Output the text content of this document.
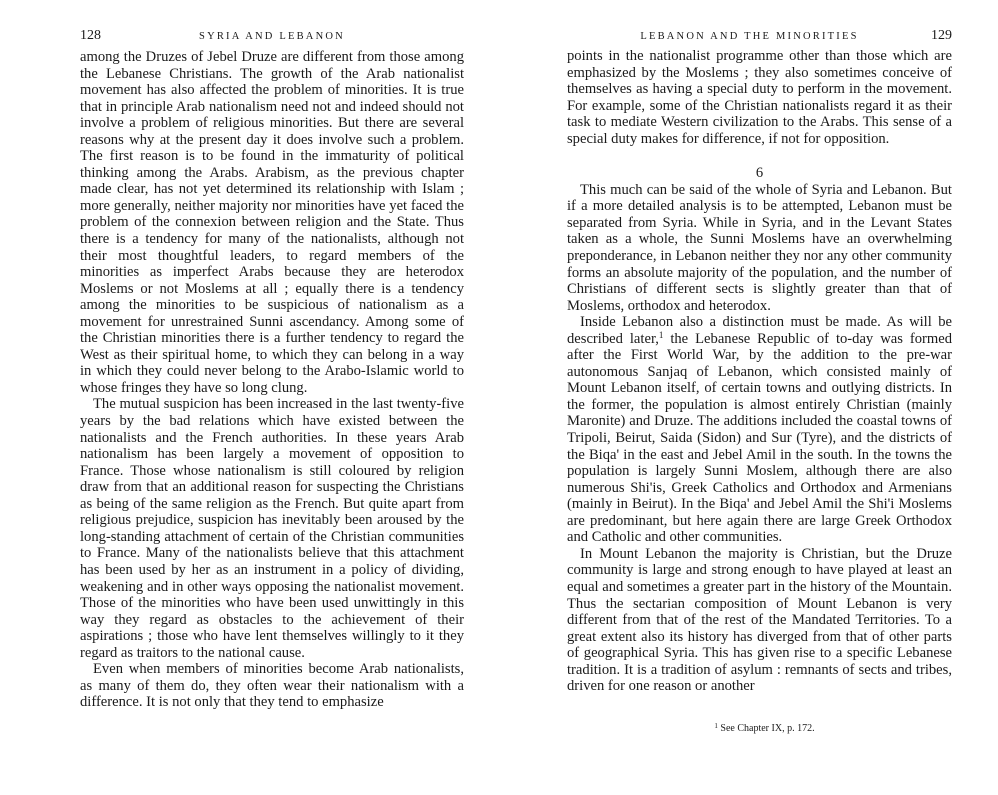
128	SYRIA AND LEBANON

among the Druzes of Jebel Druze are different from those among the Lebanese Christians. The growth of the Arab nationalist movement has also affected the problem of minorities. It is true that in principle Arab nationalism need not and indeed should not involve a problem of religious minorities. But there are several reasons why at the present day it does involve such a problem. The first reason is to be found in the immaturity of political thinking among the Arabs. Arabism, as the previous chapter made clear, has not yet determined its relationship with Islam ; more generally, neither majority nor minorities have yet faced the problem of the connexion between religion and the State. Thus there is a tendency for many of the nationalists, although not their most thoughtful leaders, to regard members of the minorities as imperfect Arabs because they are heterodox Moslems or not Moslems at all ; equally there is a tendency among the minorities to be suspicious of nationalism as a movement for unrestrained Sunni ascendancy. Among some of the Christian minorities there is a further tendency to regard the West as their spiritual home, to which they can belong in a way in which they could never belong to the Arabo-Islamic world to whose fringes they have so long clung.

The mutual suspicion has been increased in the last twenty-five years by the bad relations which have existed between the nationalists and the French authorities. In these years Arab nationalism has been largely a movement of opposition to France. Those whose nationalism is still coloured by religion draw from that an additional reason for suspecting the Christians as being of the same religion as the French. But quite apart from religious prejudice, suspicion has inevitably been aroused by the long-standing attachment of certain of the Christian communities to France. Many of the nationalists believe that this attachment has been used by her as an instrument in a policy of dividing, weakening and in other ways opposing the nationalist movement. Those of the minorities who have been used unwittingly in this way they regard as obstacles to the achievement of their aspirations ; those who have lent themselves willingly to it they regard as traitors to the national cause.

Even when members of minorities become Arab nationalists, as many of them do, they often wear their nationalism with a difference. It is not only that they tend to emphasize

LEBANON AND THE MINORITIES	129

points in the nationalist programme other than those which are emphasized by the Moslems ; they also sometimes conceive of themselves as having a special duty to perform in the movement. For example, some of the Christian nationalists regard it as their task to mediate Western civilization to the Arabs. This sense of a special duty makes for difference, if not for opposition.

6

This much can be said of the whole of Syria and Lebanon. But if a more detailed analysis is to be attempted, Lebanon must be separated from Syria. While in Syria, and in the Levant States taken as a whole, the Sunni Moslems have an overwhelming preponderance, in Lebanon neither they nor any other community forms an absolute majority of the population, and the number of Christians of different sects is slightly greater than that of Moslems, orthodox and heterodox.

Inside Lebanon also a distinction must be made. As will be described later,$^1$ the Lebanese Republic of to-day was formed after the First World War, by the addition to the pre-war autonomous Sanjaq of Lebanon, which consisted mainly of Mount Lebanon itself, of certain towns and outlying districts. In the former, the population is almost entirely Christian (mainly Maronite) and Druze. The additions included the coastal towns of Tripoli, Beirut, Saida (Sidon) and Sur (Tyre), and the districts of the Biqa' in the east and Jebel Amil in the south. In the towns the population is largely Sunni Moslem, although there are also numerous Shi'is, Greek Catholics and Orthodox and Armenians (mainly in Beirut). In the Biqa' and Jebel Amil the Shi'i Moslems are predominant, but here again there are large Greek Orthodox and Catholic and other communities.

In Mount Lebanon the majority is Christian, but the Druze community is large and strong enough to have played at least an equal and sometimes a greater part in the history of the Mountain. Thus the sectarian composition of Mount Lebanon is very different from that of the rest of the Mandated Territories. To a great extent also its history has diverged from that of other parts of geographical Syria. This has given rise to a specific Lebanese tradition. It is a tradition of asylum : remnants of sects and tribes, driven for one reason or another

$^1$ See Chapter IX, p. 172.
